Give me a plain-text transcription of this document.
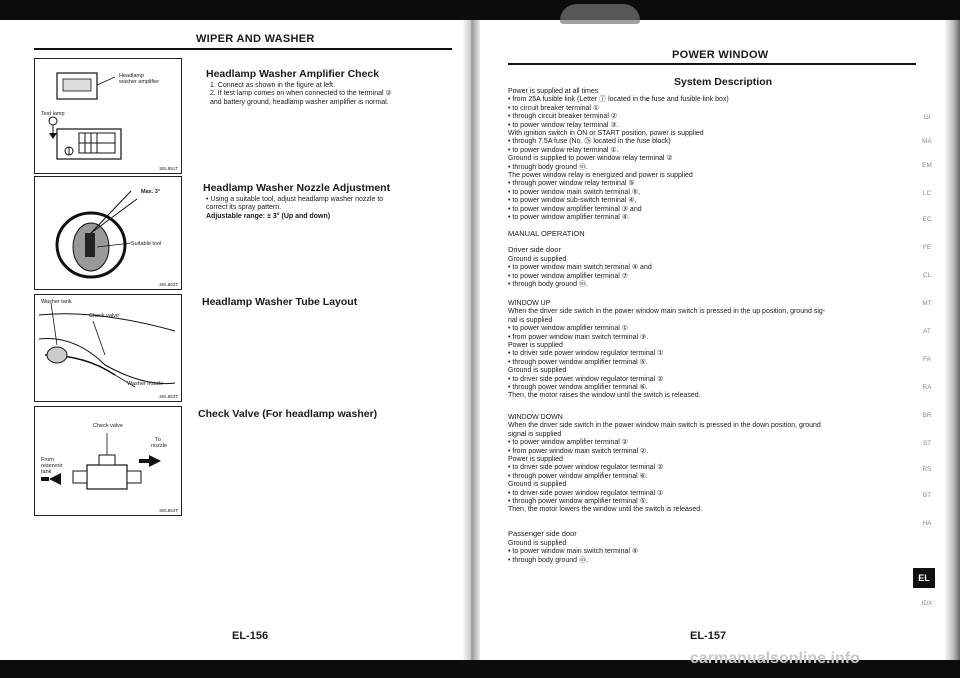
WIPER AND WASHER
Headlamp
washer amplifier
Test lamp
SEL851T
Max. 3°
Suitable tool
SEL852T
Washer tank
Check valve
Washer nozzle
SEL853T
Check valve
To
nozzle
From
reservoir
tank
SEL854T
Headlamp Washer Amplifier Check
1. Connect as shown in the figure at left.
2. If test lamp comes on when connected to the terminal ②
and battery ground, headlamp washer amplifier is normal.
Headlamp Washer Nozzle Adjustment
• Using a suitable tool, adjust headlamp washer nozzle to
correct its spray pattern.
Adjustable range: ± 3° (Up and down)
Headlamp Washer Tube Layout
Check Valve (For headlamp washer)
EL-156
POWER WINDOW
System Description
Power is supplied at all times
• from 25A fusible link (Letter ⓕ located in the fuse and fusible link box)
• to circuit breaker terminal ①
• through circuit breaker terminal ②
• to power window relay terminal ③.
With ignition switch in ON or START position, power is supplied
• through 7.5A fuse (No. ㉖ located in the fuse block)
• to power window relay terminal ①.
Ground is supplied to power window relay terminal ②
• through body ground ⓜ.
The power window relay is energized and power is supplied
• through power window relay terminal ⑤
• to power window main switch terminal ⑤,
• to power window sub-switch terminal ④,
• to power window amplifier terminal ③ and
• to power window amplifier terminal ④.
MANUAL OPERATION
Driver side door
Ground is supplied
• to power window main switch terminal ④ and
• to power window amplifier terminal ⑦
• through body ground ⓜ.
WINDOW UP
When the driver side switch in the power window main switch is pressed in the up position, ground sig-
nal is supplied
• to power window amplifier terminal ①
• from power window main switch terminal ③.
Power is supplied
• to driver side power window regulator terminal ①
• through power window amplifier terminal ⑤.
Ground is supplied
• to driver side power window regulator terminal ②
• through power window amplifier terminal ⑥.
Then, the motor raises the window until the switch is released.
WINDOW DOWN
When the driver side switch in the power window main switch is pressed in the down position, ground
signal is supplied
• to power window amplifier terminal ②
• from power window main switch terminal ②.
Power is supplied
• to driver side power window regulator terminal ②
• through power window amplifier terminal ⑥.
Ground is supplied
• to driver side power window regulator terminal ①
• through power window amplifier terminal ⑤.
Then, the motor lowers the window until the switch is released.
Passenger side door
Ground is supplied
• to power window main switch terminal ④
• through body ground ⓜ.
EL-157
GI
MA
EM
LC
EC
FE
CL
MT
AT
FA
RA
BR
ST
RS
BT
HA
EL
IDX
carmanualsonline.info
